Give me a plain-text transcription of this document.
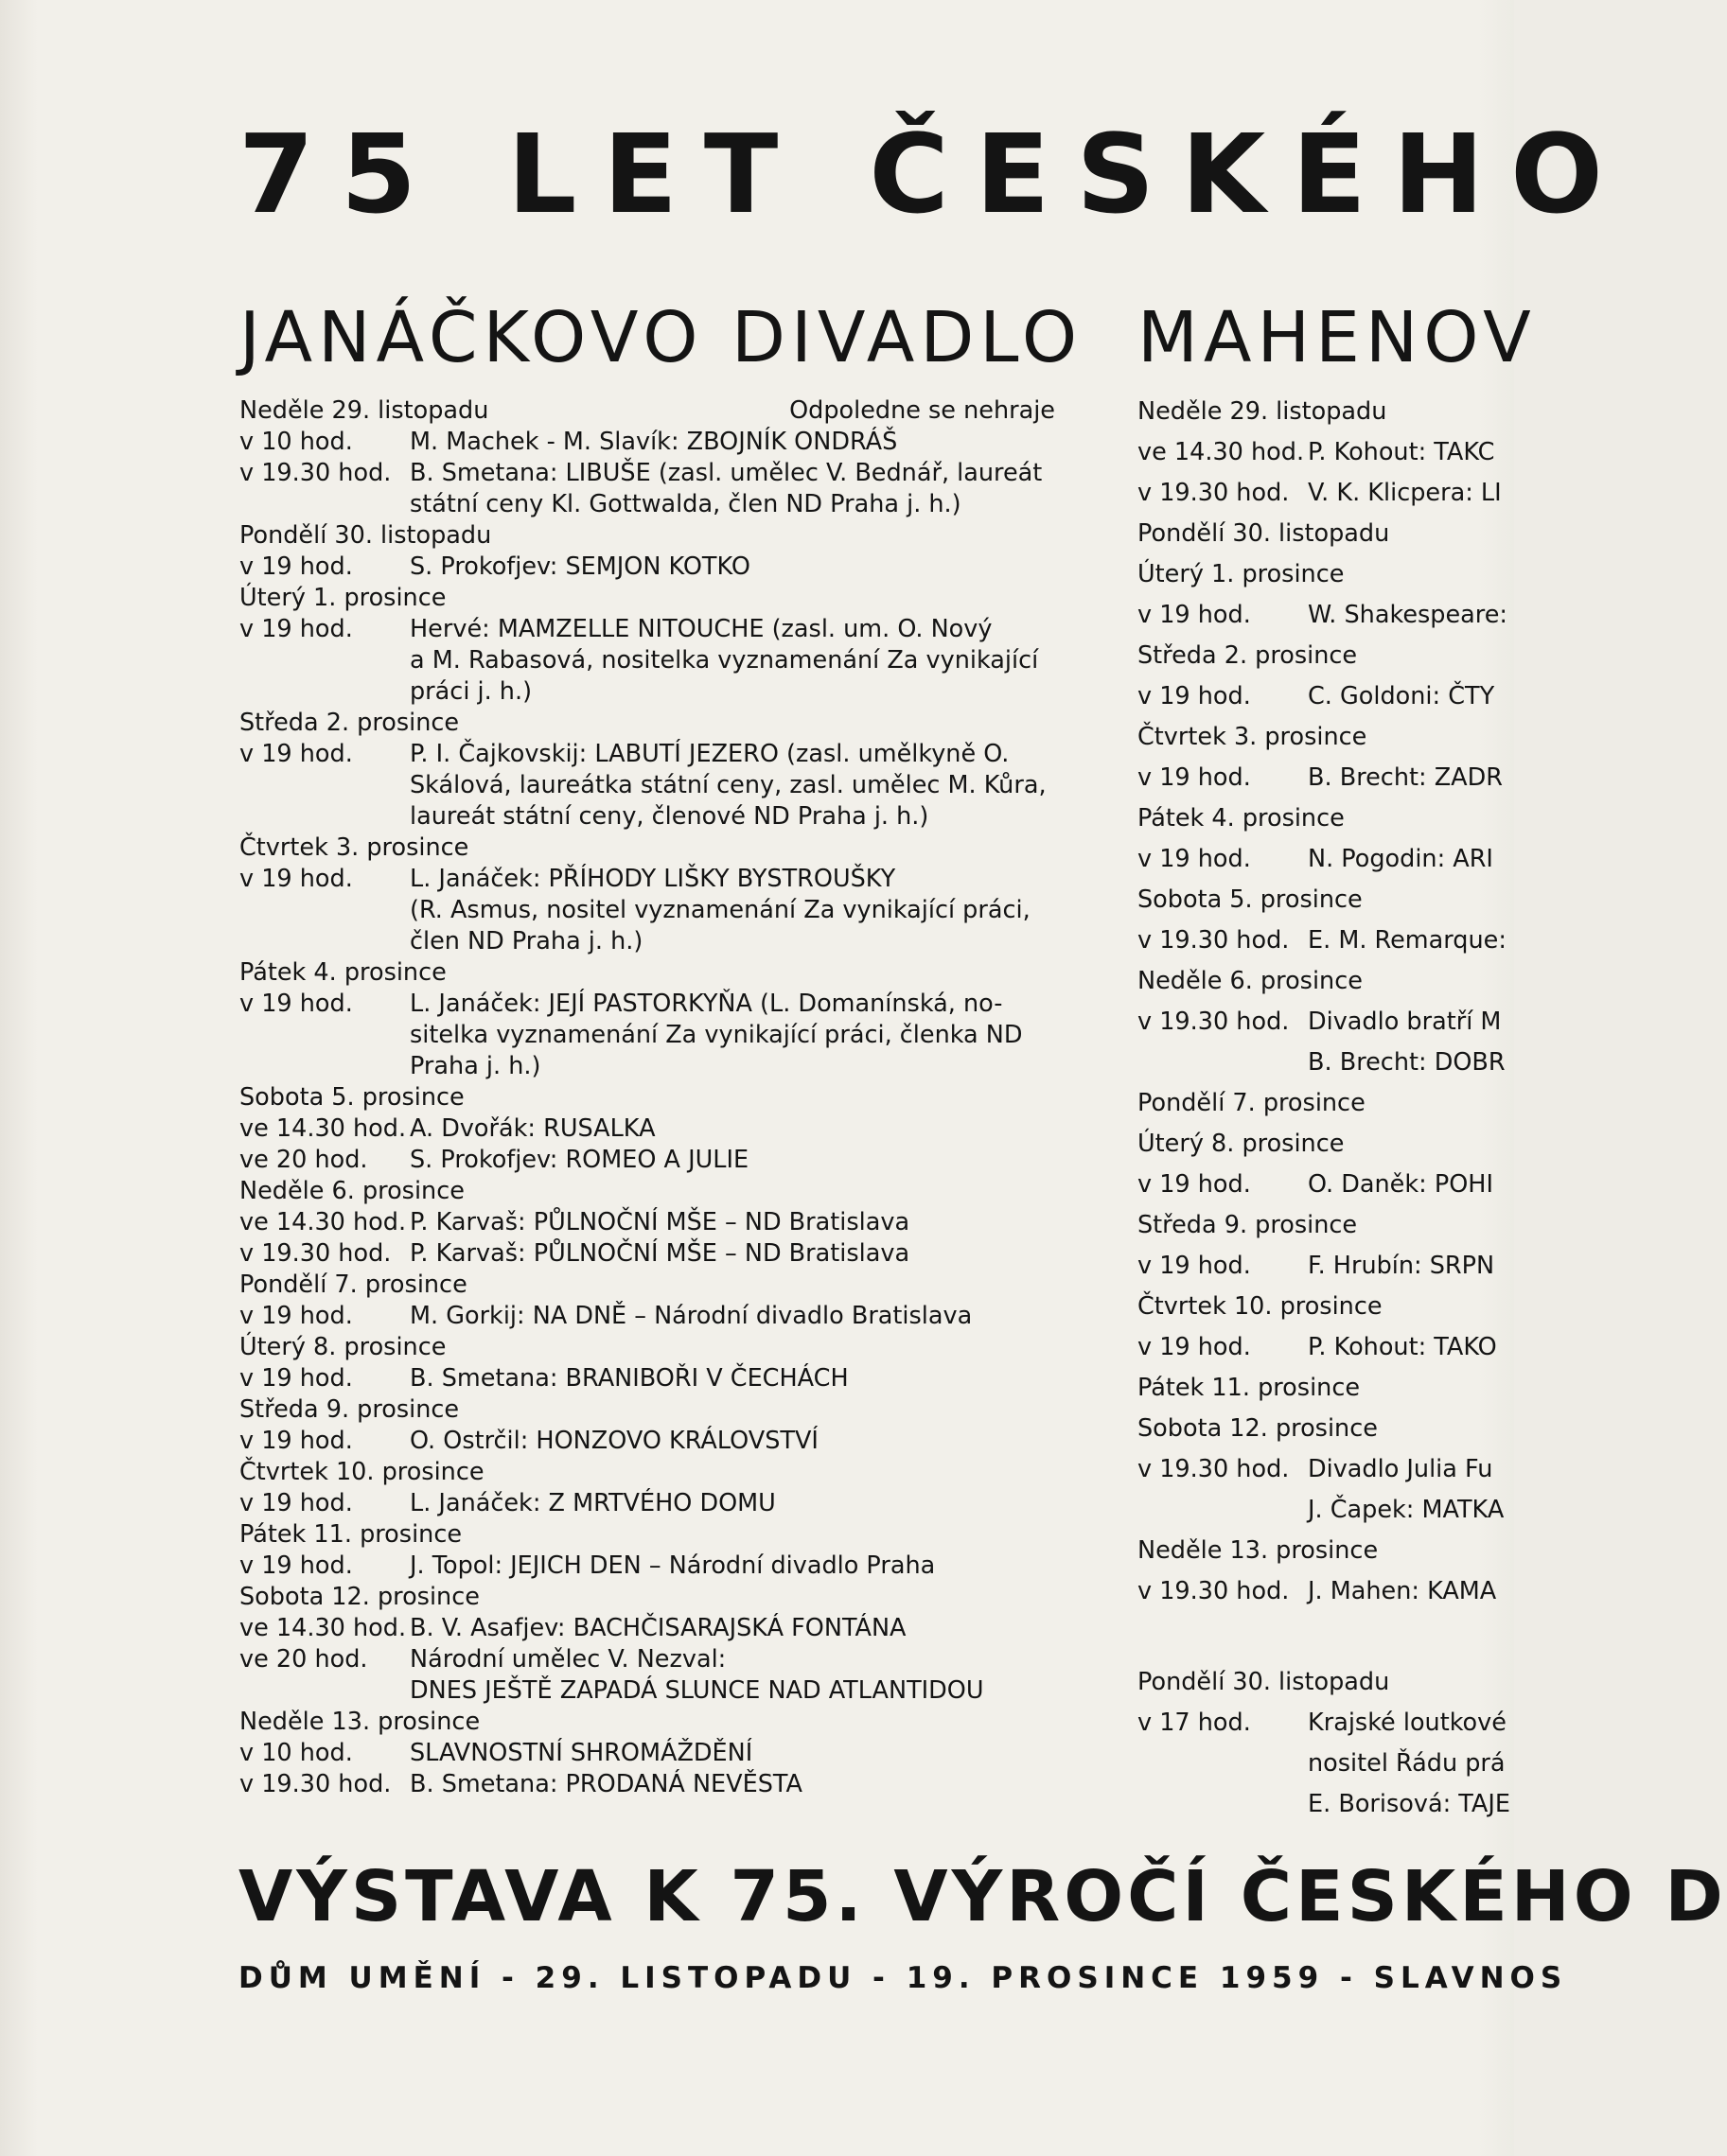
75 LET ČESKÉHO
JANÁČKOVO DIVADLO MAHENOV
Neděle 29. listopadu	Odpoledne se nehraje
v 10 hod.	M. Machek - M. Slavík: ZBOJNÍK ONDRÁŠ
v 19.30 hod. B. Smetana: LIBUŠE (zasl. umělec V. Bednář, laureát
státní ceny Kl. Gottwalda, člen ND Praha j. h.)
Pondělí 30. listopadu
v 19 hod.	S. Prokofjev: SEMJON KOTKO
Úterý 1. prosince
v 19 hod.	Hervé: MAMZELLE NITOUCHE (zasl. um. O. Nový
a M. Rabasová, nositelka vyznamenání Za vynikající
práci j. h.)
Středa 2. prosince
v 19 hod.	P. I. Čajkovskij: LABUTÍ JEZERO (zasl. umělkyně O.
Skálová, laureátka státní ceny, zasl. umělec M. Kůra,
laureát státní ceny, členové ND Praha j. h.)
Čtvrtek 3. prosince
v 19 hod.	L. Janáček: PŘÍHODY LIŠKY BYSTROUŠKY
(R. Asmus, nositel vyznamenání Za vynikající práci,
člen ND Praha j. h.)
Pátek 4. prosince
v 19 hod.	L. Janáček: JEJÍ PASTORKYŇA (L. Domanínská, no-
sitelka vyznamenání Za vynikající práci, členka ND
Praha j. h.)
Sobota 5. prosince
ve 14.30 hod. A. Dvořák: RUSALKA
ve 20 hod.	S. Prokofjev: ROMEO A JULIE
Neděle 6. prosince
ve 14.30 hod. P. Karvaš: PŮLNOČNÍ MŠE – ND Bratislava
v 19.30 hod. P. Karvaš: PŮLNOČNÍ MŠE – ND Bratislava
Pondělí 7. prosince
v 19 hod.	M. Gorkij: NA DNĚ – Národní divadlo Bratislava
Úterý 8. prosince
v 19 hod.	B. Smetana: BRANIBOŘI V ČECHÁCH
Středa 9. prosince
v 19 hod.	O. Ostrčil: HONZOVO KRÁLOVSTVÍ
Čtvrtek 10. prosince
v 19 hod.	L. Janáček: Z MRTVÉHO DOMU
Pátek 11. prosince
v 19 hod.	J. Topol: JEJICH DEN – Národní divadlo Praha
Sobota 12. prosince
ve 14.30 hod. B. V. Asafjev: BACHČISARAJSKÁ FONTÁNA
ve 20 hod.	Národní umělec V. Nezval:
DNES JEŠTĚ ZAPADÁ SLUNCE NAD ATLANTIDOU
Neděle 13. prosince
v 10 hod.	SLAVNOSTNÍ SHROMÁŽDĚNÍ
v 19.30 hod. B. Smetana: PRODANÁ NEVĚSTA
Neděle 29. listopadu
ve 14.30 hod. P. Kohout: TAKC
v 19.30 hod. V. K. Klicpera: LI
Pondělí 30. listopadu
Úterý 1. prosince
v 19 hod.	W. Shakespeare:
Středa 2. prosince
v 19 hod.	C. Goldoni: ČTY
Čtvrtek 3. prosince
v 19 hod.	B. Brecht: ZADR
Pátek 4. prosince
v 19 hod.	N. Pogodin: ARI
Sobota 5. prosince
v 19.30 hod. E. M. Remarque:
Neděle 6. prosince
v 19.30 hod. Divadlo bratří M
B. Brecht: DOBR
Pondělí 7. prosince
Úterý 8. prosince
v 19 hod.	O. Daněk: POHI
Středa 9. prosince
v 19 hod.	F. Hrubín: SRPN
Čtvrtek 10. prosince
v 19 hod.	P. Kohout: TAKO
Pátek 11. prosince
Sobota 12. prosince
v 19.30 hod. Divadlo Julia Fu
J. Čapek: MATKA
Neděle 13. prosince
v 19.30 hod. J. Mahen: KAMA
Pondělí 30. listopadu
v 17 hod.	Krajské loutkové
nositel Řádu prá
E. Borisová: TAJE
VÝSTAVA K 75. VÝROČÍ ČESKÉHO D
DŮM UMĚNÍ - 29. LISTOPADU - 19. PROSINCE 1959 - SLAVNOS
